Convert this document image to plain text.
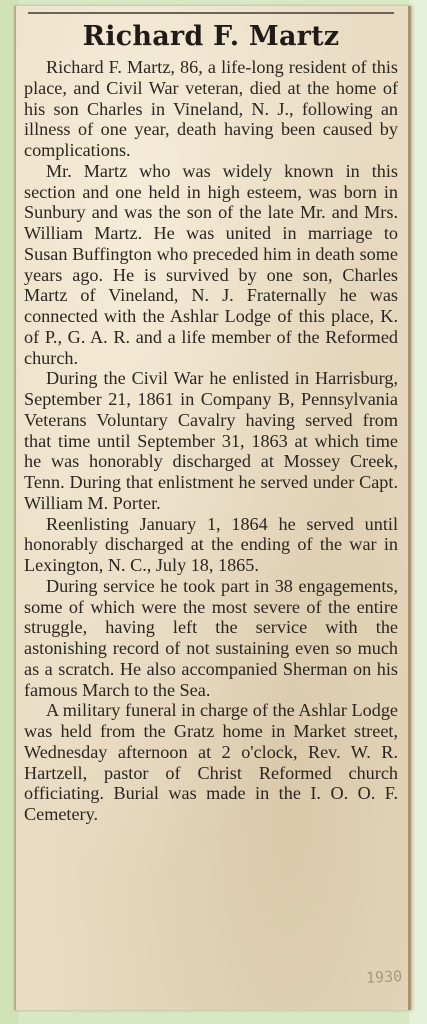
Richard F. Martz

Richard F. Martz, 86, a life-long resident of this place, and Civil War veteran, died at the home of his son Charles in Vineland, N. J., following an illness of one year, death having been caused by complications.

Mr. Martz who was widely known in this section and one held in high esteem, was born in Sunbury and was the son of the late Mr. and Mrs. William Martz. He was united in marriage to Susan Buffington who preceded him in death some years ago. He is survived by one son, Charles Martz of Vineland, N. J. Fraternally he was connected with the Ashlar Lodge of this place, K. of P., G. A. R. and a life member of the Reformed church.

During the Civil War he enlisted in Harrisburg, September 21, 1861 in Company B, Pennsylvania Veterans Voluntary Cavalry having served from that time until September 31, 1863 at which time he was honorably discharged at Mossey Creek, Tenn. During that enlistment he served under Capt. William M. Porter.

Reenlisting January 1, 1864 he served until honorably discharged at the ending of the war in Lexington, N. C., July 18, 1865.

During service he took part in 38 engagements, some of which were the most severe of the entire struggle, having left the service with the astonishing record of not sustaining even so much as a scratch. He also accompanied Sherman on his famous March to the Sea.

A military funeral in charge of the Ashlar Lodge was held from the Gratz home in Market street, Wednesday afternoon at 2 o'clock, Rev. W. R. Hartzell, pastor of Christ Reformed church officiating. Burial was made in the I. O. O. F. Cemetery.

1930
